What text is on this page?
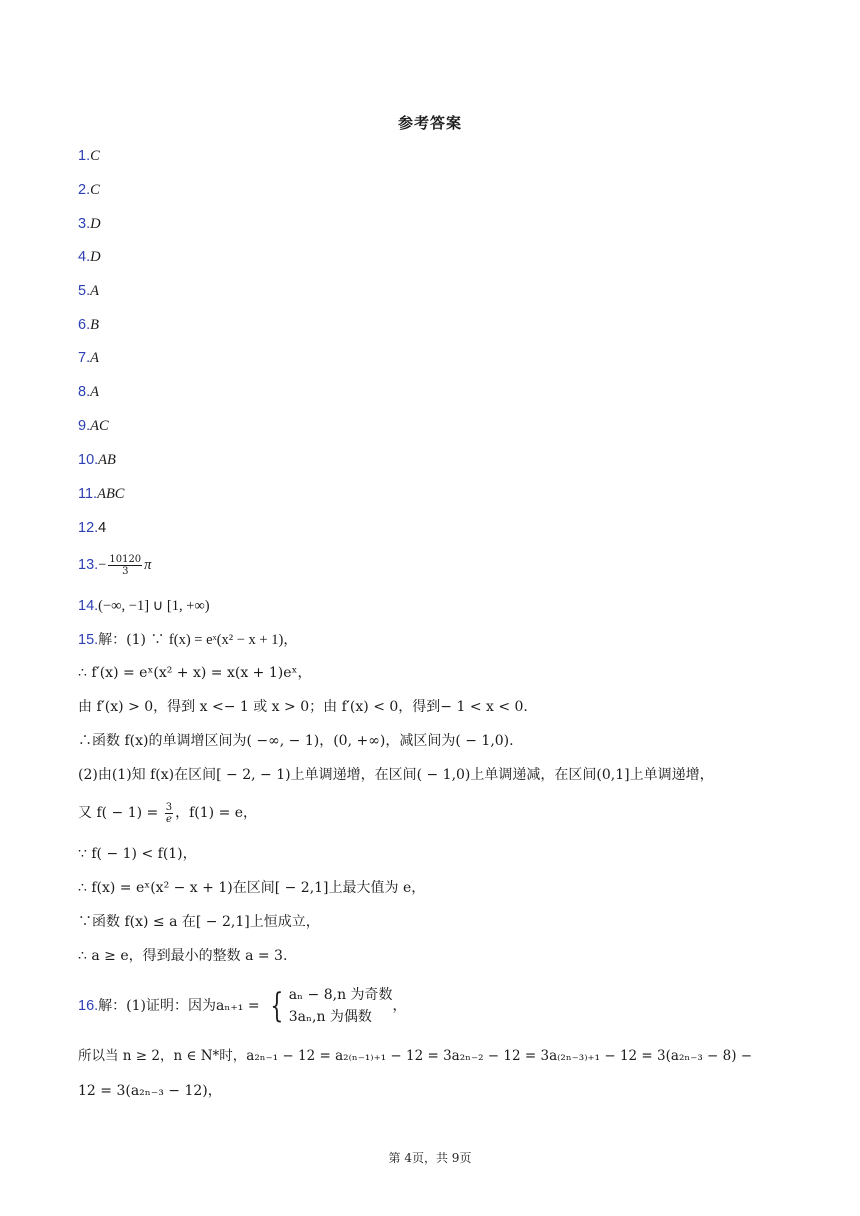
参考答案
1.C
2.C
3.D
4.D
5.A
6.B
7.A
8.A
9.AC
10.AB
11.ABC
12.4
$13.- \frac{10120}{3}$ π
14.(−∞, −1] ∪ [1, +∞)
15.解：(1) ∵ f(x) = eˣ(x² − x + 1)，
∴ f′(x) = eˣ(x² + x) = x(x + 1)eˣ，
由 f′(x) > 0，得到 x <− 1 或 x > 0；由 f′(x) < 0，得到− 1 < x < 0.
∴函数 f(x)的单调增区间为( −∞, − 1)，(0, +∞)，减区间为( − 1,0).
(2)由(1)知 f(x)在区间[ − 2, − 1)上单调递增，在区间( − 1,0)上单调递减，在区间(0,1]上单调递增，
又 $f( - 1) = \frac{3}{e}$ ，f(1) = e，
∵ f( − 1) < f(1)，
∴ f(x) = eˣ(x² − x + 1)在区间[ − 2,1]上最大值为 e，
∵函数 f(x) ≤ a 在[ − 2,1]上恒成立，
∴ a ≥ e，得到最小的整数 a = 3.
16.解：(1)证明：因为aₙ₊₁ = { aₙ − 8,n 为奇数
3aₙ,n 为偶数
，
所以当 n ≥ 2，n ∈ N*时，a₂ₙ₋₁ − 12 = a₂₍ₙ₋₁₎₊₁ − 12 = 3a₂ₙ₋₂ − 12 = 3a₍₂ₙ₋₃₎₊₁ − 12 = 3(a₂ₙ₋₃ − 8) −
12 = 3(a₂ₙ₋₃ − 12)，
第 4页，共 9页
